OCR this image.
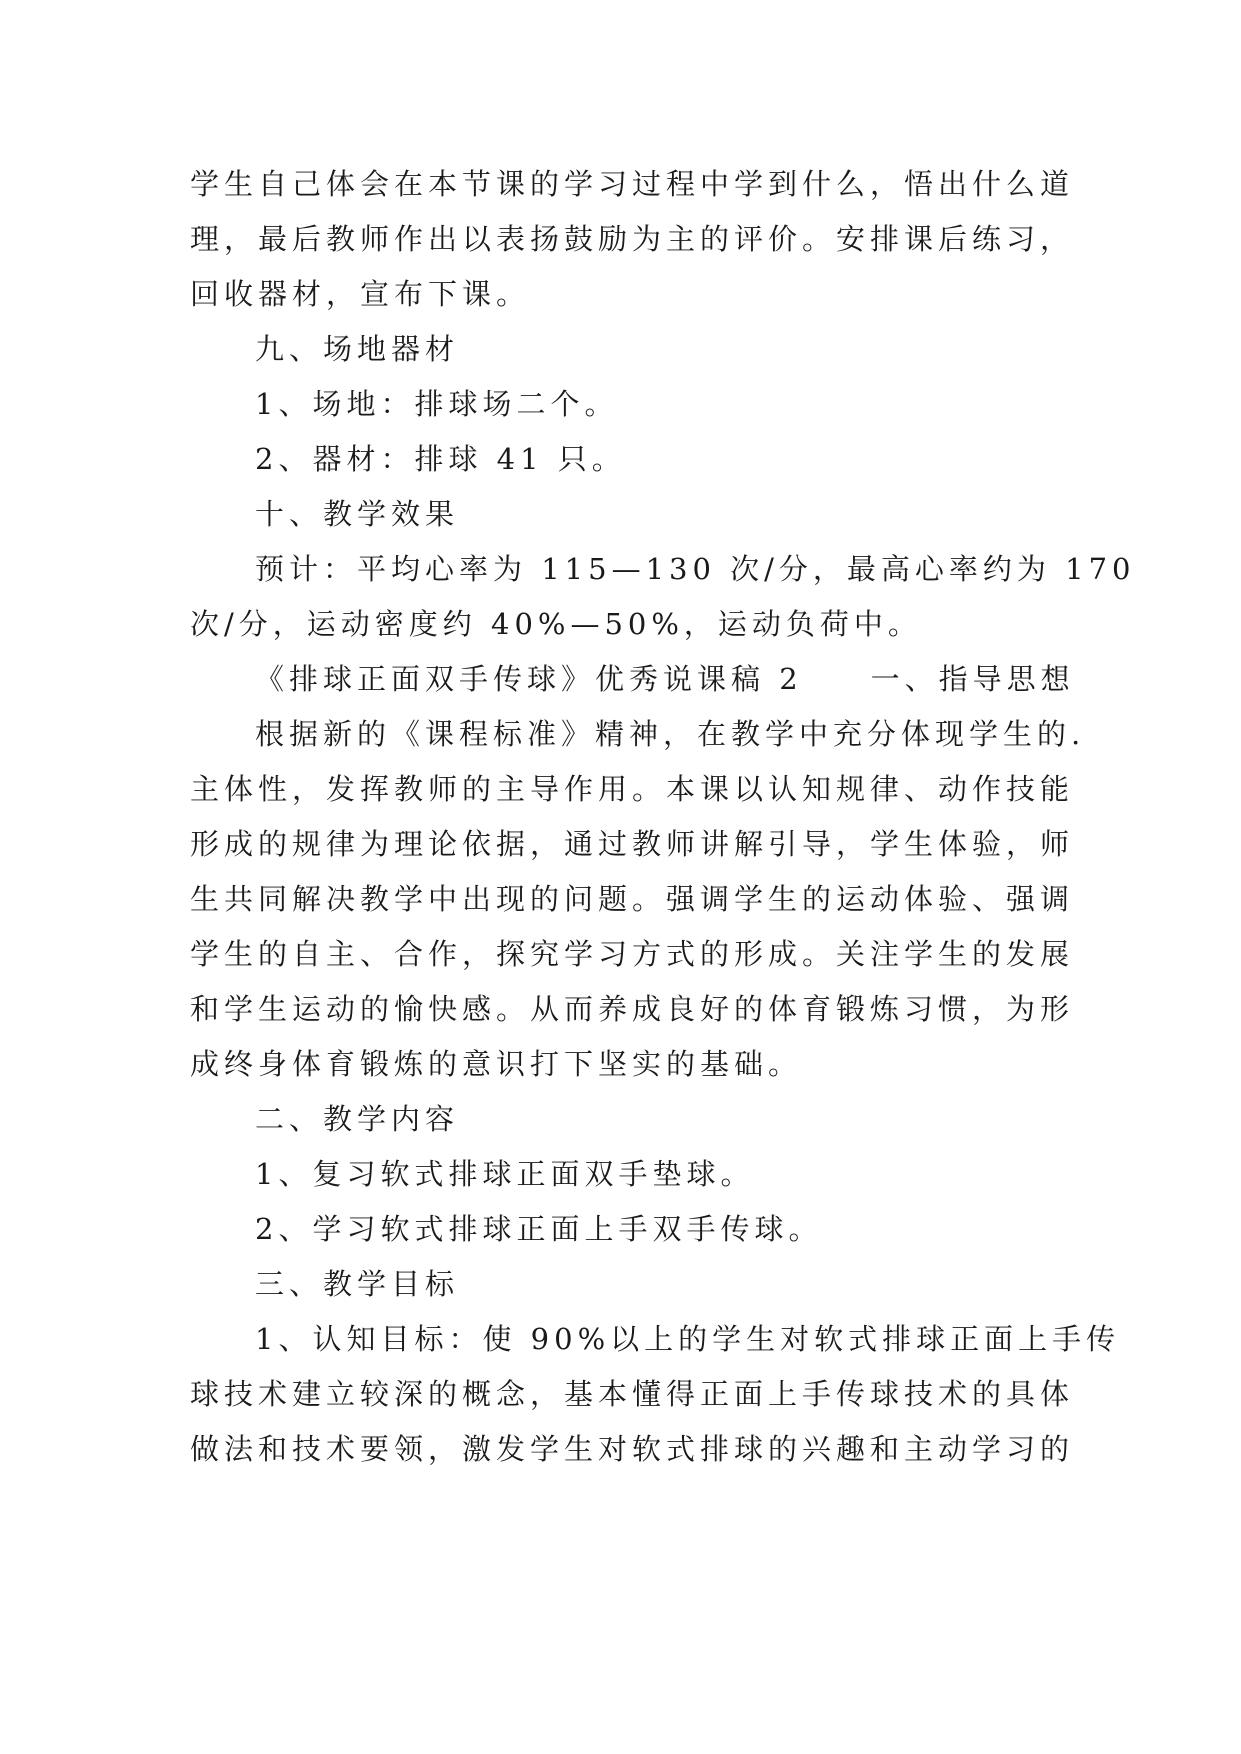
学生自己体会在本节课的学习过程中学到什么，悟出什么道
理，最后教师作出以表扬鼓励为主的评价。安排课后练习，
回收器材，宣布下课。
九、场地器材
1、场地：排球场二个。
2、器材：排球 41 只。
十、教学效果
预计：平均心率为 115—130 次/分，最高心率约为 170
次/分，运动密度约 40%—50%，运动负荷中。
《排球正面双手传球》优秀说课稿 2　　一、指导思想
根据新的《课程标准》精神，在教学中充分体现学生的.
主体性，发挥教师的主导作用。本课以认知规律、动作技能
形成的规律为理论依据，通过教师讲解引导，学生体验，师
生共同解决教学中出现的问题。强调学生的运动体验、强调
学生的自主、合作，探究学习方式的形成。关注学生的发展
和学生运动的愉快感。从而养成良好的体育锻炼习惯，为形
成终身体育锻炼的意识打下坚实的基础。
二、教学内容
1、复习软式排球正面双手垫球。
2、学习软式排球正面上手双手传球。
三、教学目标
1、认知目标：使 90%以上的学生对软式排球正面上手传
球技术建立较深的概念，基本懂得正面上手传球技术的具体
做法和技术要领，激发学生对软式排球的兴趣和主动学习的
